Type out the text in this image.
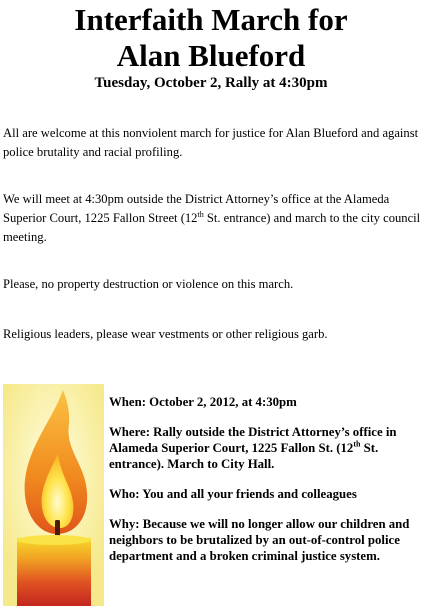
Interfaith March for
Alan Blueford
Tuesday, October 2, Rally at 4:30pm
All are welcome at this nonviolent march for justice for Alan Blueford and against police brutality and racial profiling.
We will meet at 4:30pm outside the District Attorney’s office at the Alameda Superior Court, 1225 Fallon Street (12th St. entrance) and march to the city council meeting.
Please, no property destruction or violence on this march.
Religious leaders, please wear vestments or other religious garb.

When: October 2, 2012, at 4:30pm

Where: Rally outside the District Attorney’s office in Alameda Superior Court, 1225 Fallon St. (12th St. entrance). March to City Hall.

Who: You and all your friends and colleagues

Why: Because we will no longer allow our children and neighbors to be brutalized by an out-of-control police department and a broken criminal justice system.
